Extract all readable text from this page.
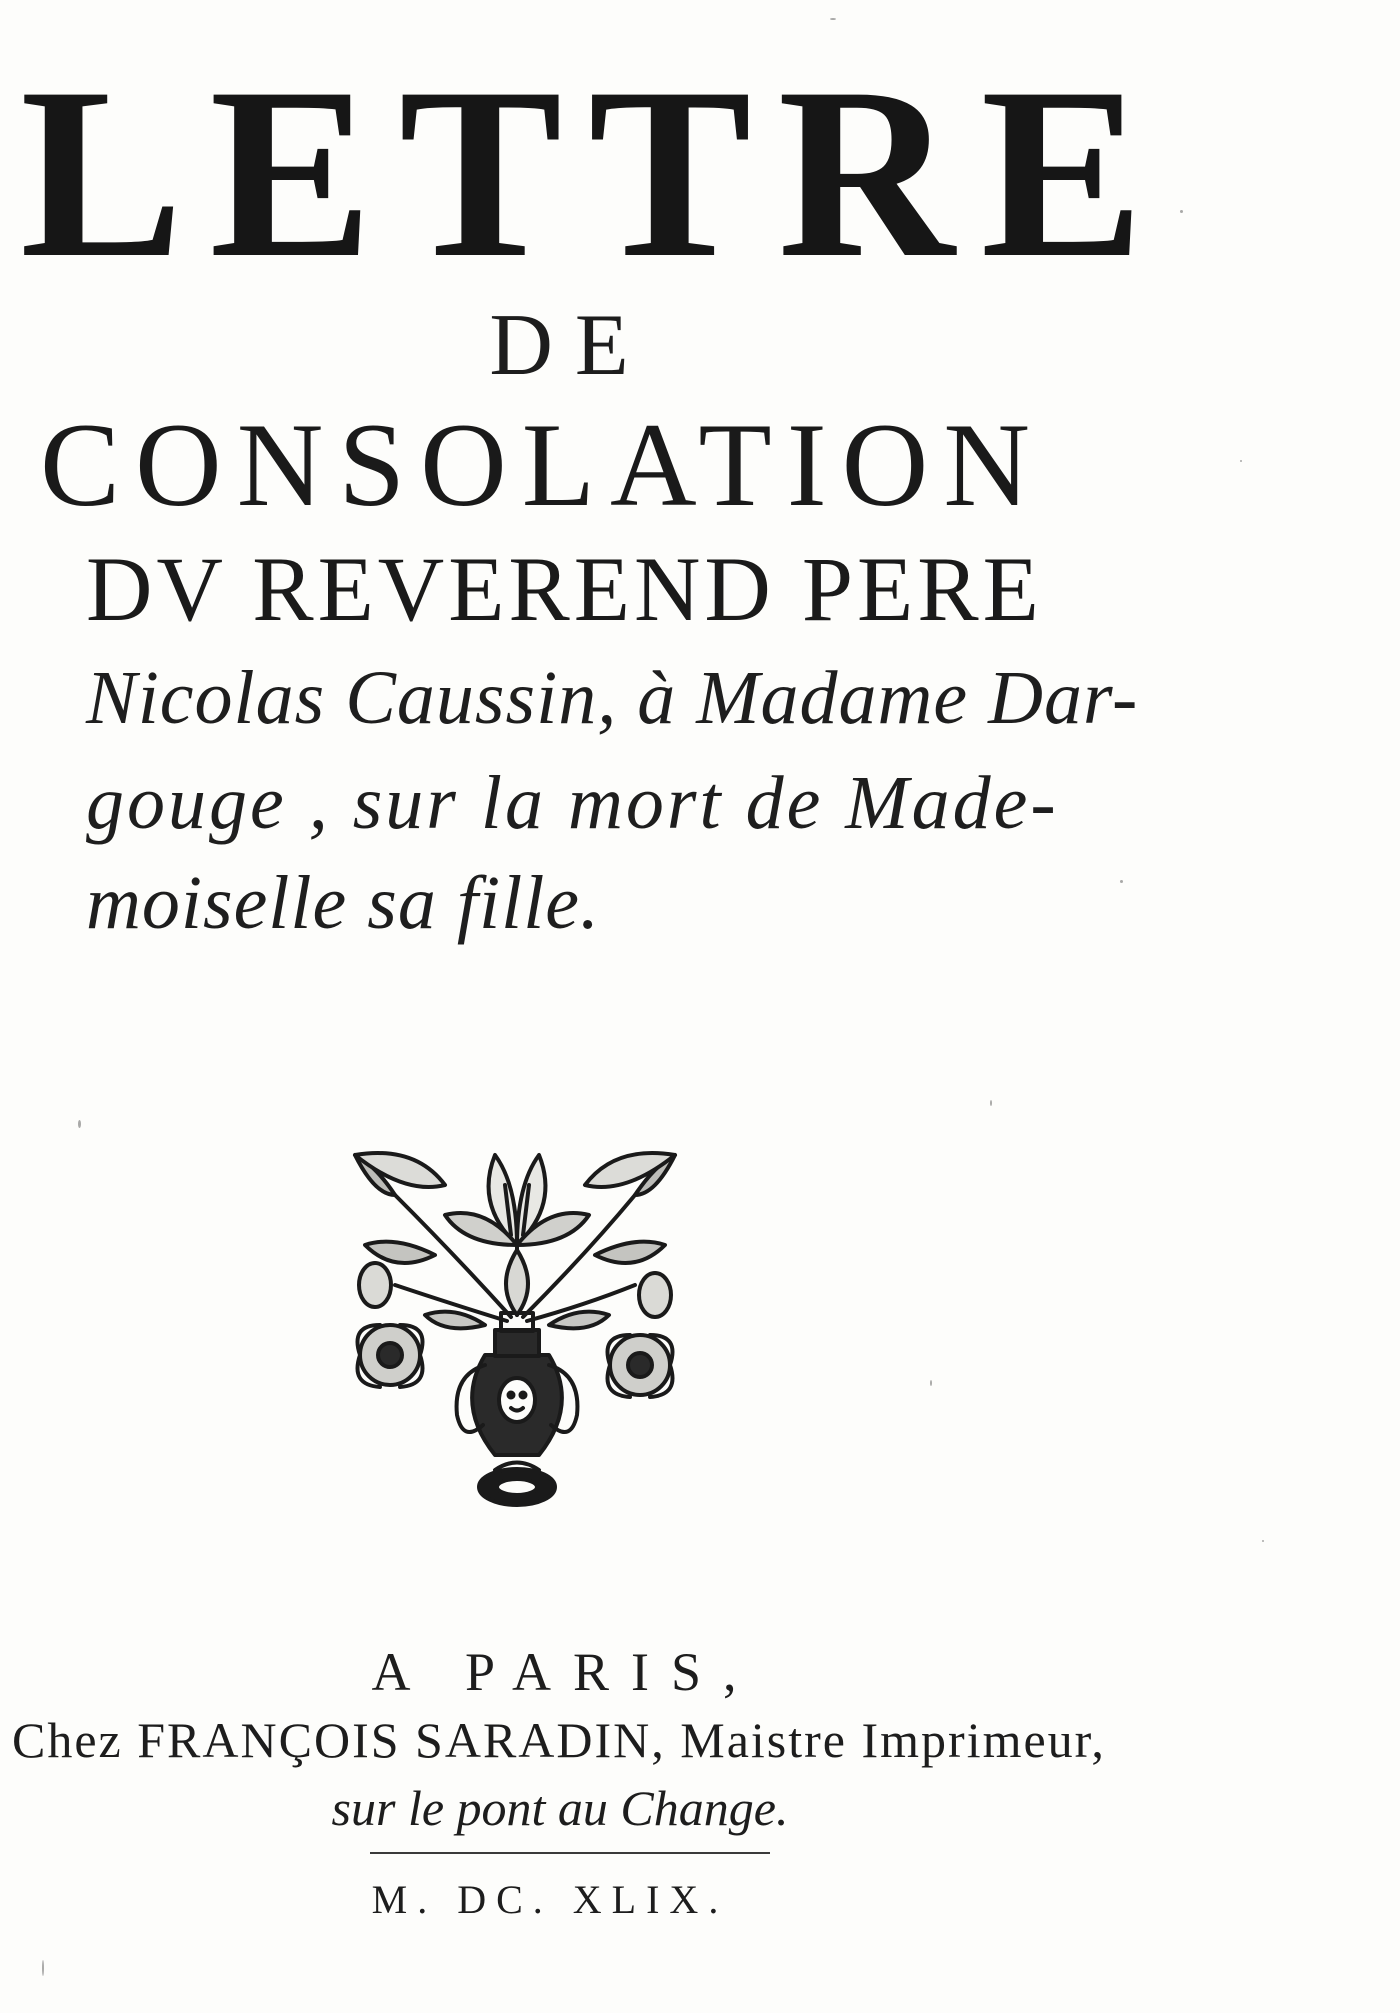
LETTRE
DE
CONSOLATION
DV REVEREND PERE
Nicolas Caussin, à Madame Dar-
gouge , sur la mort de Made-
moiselle sa fille.
A PARIS,
Chez FRANÇOIS SARADIN, Maistre Imprimeur,
sur le pont au Change.
M. DC. XLIX.
